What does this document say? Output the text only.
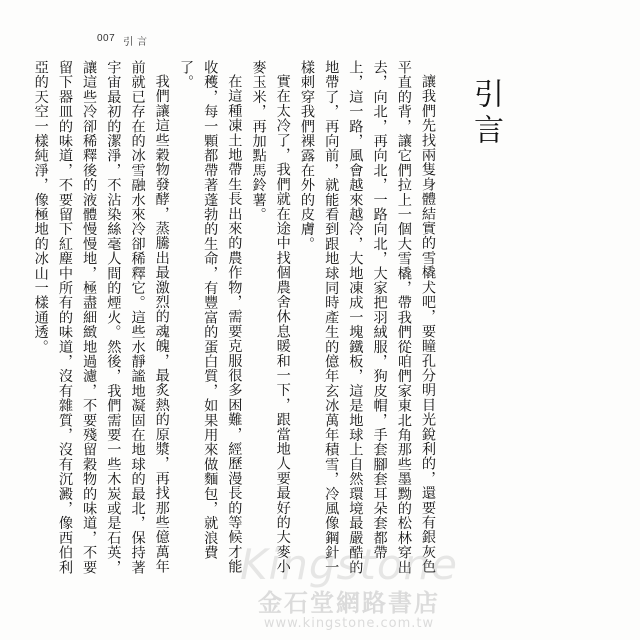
007 引 言
引言

讓我們先找兩隻身體結實的雪橇犬吧，要瞳孔分明目光銳利的，還要有銀灰色平直的背，讓它們拉上一個大雪橇，帶我們從咱們家東北角那些墨黝的松林穿出去，向北，再向北，一路向北，大家把羽絨服，狗皮帽，手套腳套耳朵套都帶上，這一路，風會越來越冷，大地凍成一塊鐵板，這是地球上自然環境最嚴酷的地帶了，再向前，就能看到跟地球同時產生的億年玄冰萬年積雪，冷風像鋼針一樣刺穿我們裸露在外的皮膚。

實在太冷了，我們就在途中找個農舍休息暖和一下，跟當地人要最好的大麥小麥玉米，再加點馬鈴薯。

在這種凍土地帶生長出來的農作物，需要克服很多困難，經歷漫長的等候才能收穫，每一顆都帶著蓬勃的生命，有豐富的蛋白質，如果用來做麵包，就浪費了。

我們讓這些穀物發酵，蒸騰出最激烈的魂魄，最炙熱的原漿，再找那些億萬年前就已存在的冰雪融水來冷卻稀釋它。這些水靜謐地凝固在地球的最北，保持著宇宙最初的潔淨，不沾染絲毫人間的煙火。然後，我們需要一些木炭或是石英，讓這些冷卻稀釋後的液體慢慢地，極盡細緻地過濾，不要殘留穀物的味道，不要留下器皿的味道，不要留下紅塵中所有的味道，沒有雜質，沒有沉澱，像西伯利亞的天空一樣純淨，像極地的冰山一樣通透。

Kingstone
金石堂網路書店
www.kingstone.com.tw
